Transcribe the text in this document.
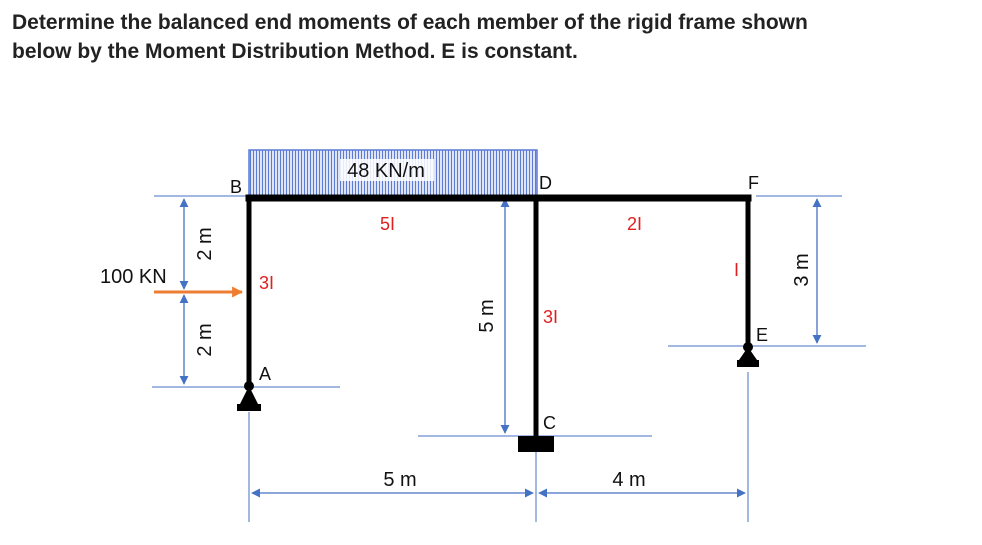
Determine the balanced end moments of each member of the rigid frame shown
below by the Moment Distribution Method. E is constant.
48 KN/m
100 KN
B
A
D
C
F
E
3I
5I	2I
3I
I
2 m
2 m
5 m
3 m
5 m	4 m
